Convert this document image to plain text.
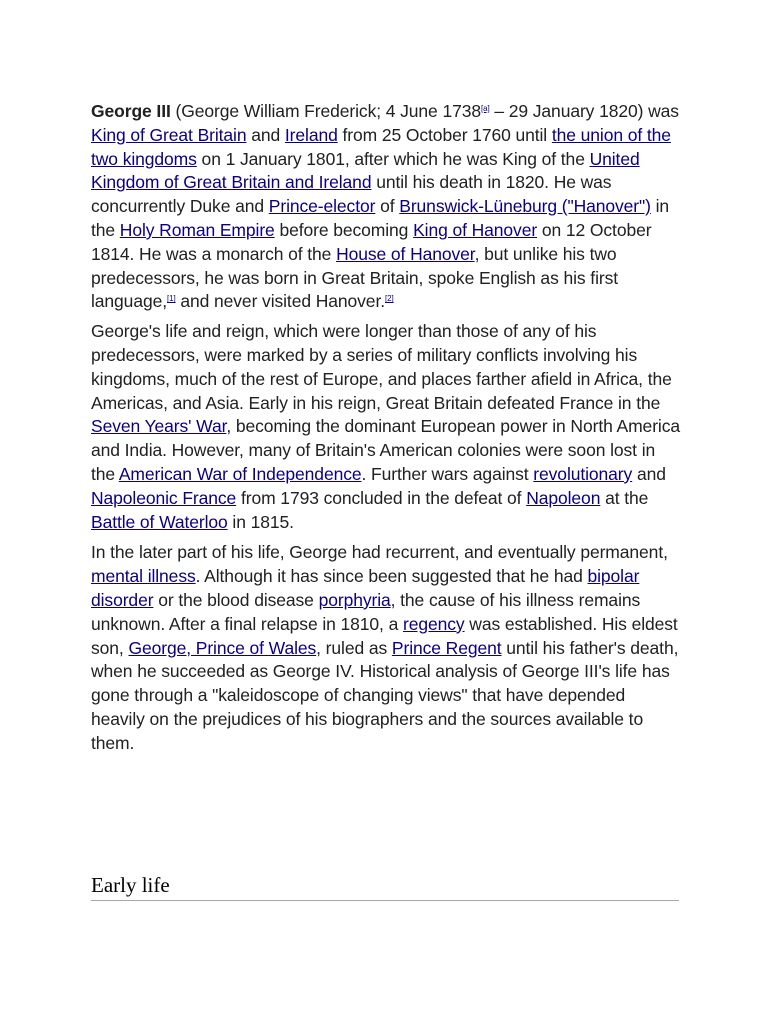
George III (George William Frederick; 4 June 1738[a] – 29 January 1820) was King of Great Britain and Ireland from 25 October 1760 until the union of the two kingdoms on 1 January 1801, after which he was King of the United Kingdom of Great Britain and Ireland until his death in 1820. He was concurrently Duke and Prince-elector of Brunswick-Lüneburg ("Hanover") in the Holy Roman Empire before becoming King of Hanover on 12 October 1814. He was a monarch of the House of Hanover, but unlike his two predecessors, he was born in Great Britain, spoke English as his first language,[1] and never visited Hanover.[2]

George's life and reign, which were longer than those of any of his predecessors, were marked by a series of military conflicts involving his kingdoms, much of the rest of Europe, and places farther afield in Africa, the Americas, and Asia. Early in his reign, Great Britain defeated France in the Seven Years' War, becoming the dominant European power in North America and India. However, many of Britain's American colonies were soon lost in the American War of Independence. Further wars against revolutionary and Napoleonic France from 1793 concluded in the defeat of Napoleon at the Battle of Waterloo in 1815.

In the later part of his life, George had recurrent, and eventually permanent, mental illness. Although it has since been suggested that he had bipolar disorder or the blood disease porphyria, the cause of his illness remains unknown. After a final relapse in 1810, a regency was established. His eldest son, George, Prince of Wales, ruled as Prince Regent until his father's death, when he succeeded as George IV. Historical analysis of George III's life has gone through a "kaleidoscope of changing views" that have depended heavily on the prejudices of his biographers and the sources available to them.

Early life
